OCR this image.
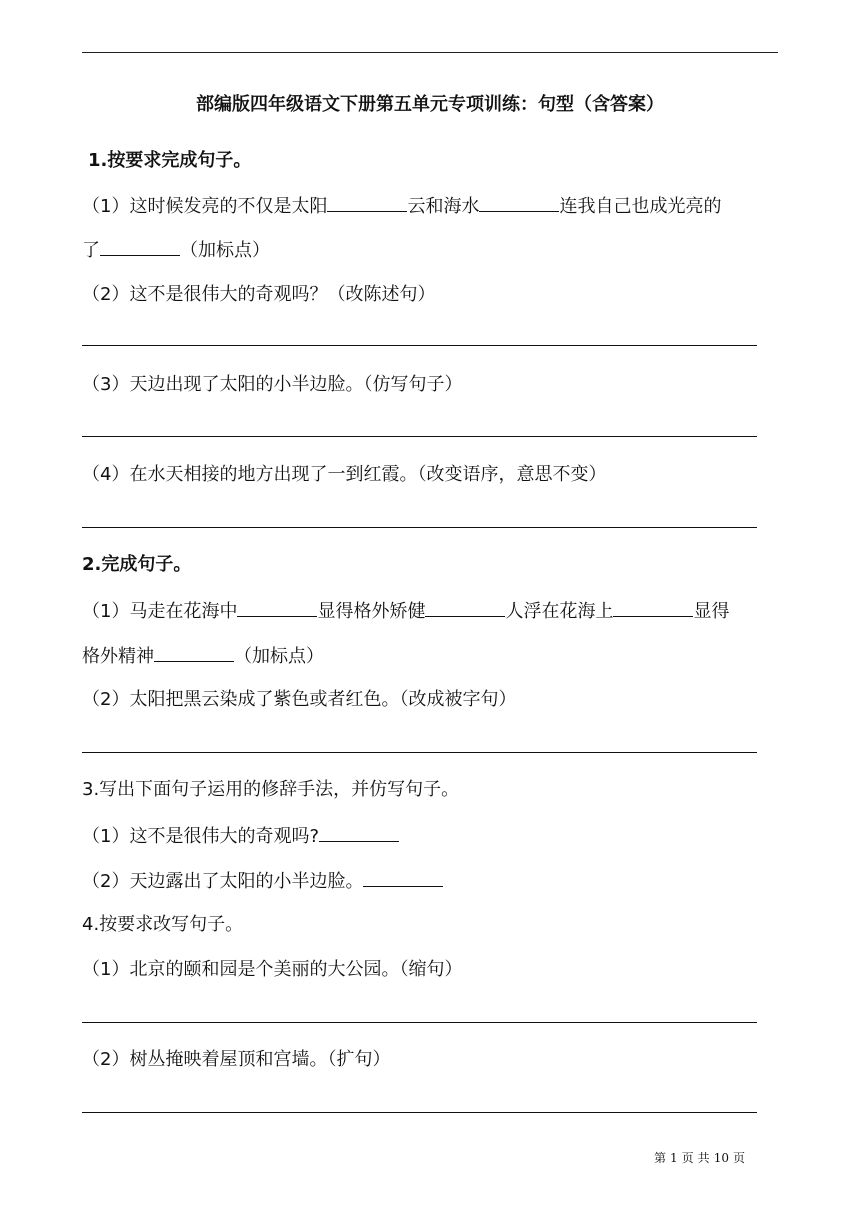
部编版四年级语文下册第五单元专项训练：句型（含答案）
1.按要求完成句子。
（1）这时候发亮的不仅是太阳	云和海水	连我自己也成光亮的
了	（加标点）
（2）这不是很伟大的奇观吗？（改陈述句）
（3）天边出现了太阳的小半边脸。（仿写句子）
（4）在水天相接的地方出现了一到红霞。（改变语序，意思不变）
2.完成句子。
（1）马走在花海中	显得格外矫健	人浮在花海上	显得
格外精神	（加标点）
（2）太阳把黑云染成了紫色或者红色。（改成被字句）
3.写出下面句子运用的修辞手法，并仿写句子。
（1）这不是很伟大的奇观吗?
（2）天边露出了太阳的小半边脸。
4.按要求改写句子。
（1）北京的颐和园是个美丽的大公园。（缩句）
（2）树丛掩映着屋顶和宫墙。（扩句）
第 1 页 共 10 页
